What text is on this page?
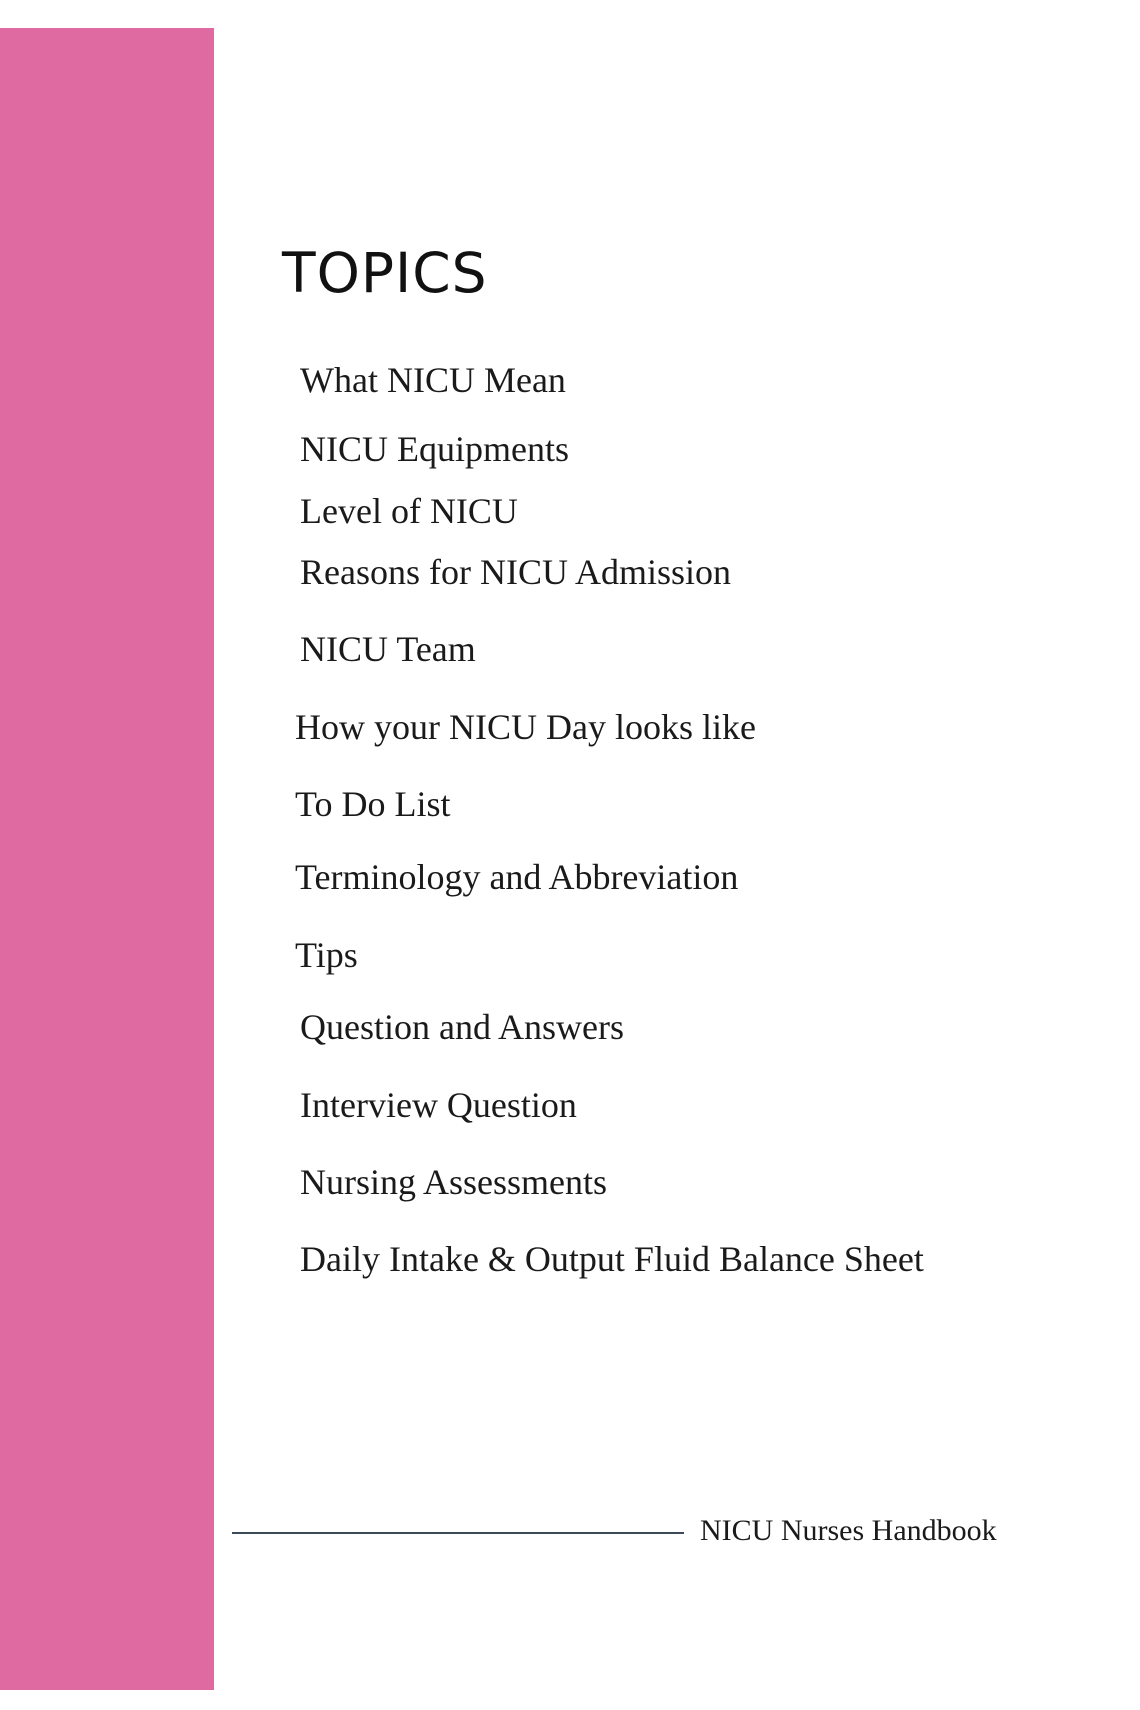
TOPICS

What NICU Mean

NICU Equipments

Level of NICU

Reasons for NICU Admission

NICU Team

How your NICU Day looks like

To Do List

Terminology and Abbreviation

Tips

Question and Answers

Interview Question

Nursing Assessments

Daily Intake & Output Fluid Balance Sheet

NICU Nurses Handbook
